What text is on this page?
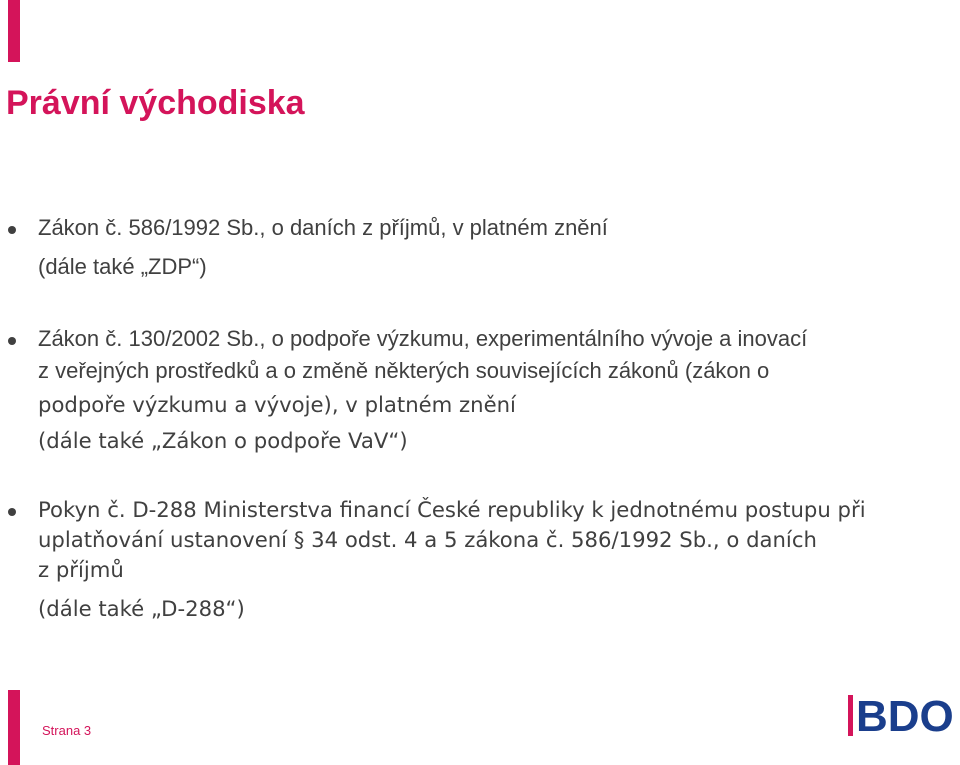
Právní východiska

Zákon č. 586/1992 Sb., o daních z příjmů, v platném znění

(dále také „ZDP“)

Zákon č. 130/2002 Sb., o podpoře výzkumu, experimentálního vývoje a inovací

z veřejných prostředků a o změně některých souvisejících zákonů (zákon o

podpoře výzkumu a vývoje), v platném znění

(dále také „Zákon o podpoře VaV“)

Pokyn č. D-288 Ministerstva financí České republiky k jednotnému postupu při

uplatňování ustanovení § 34 odst. 4 a 5 zákona č. 586/1992 Sb., o daních

z příjmů

(dále také „D-288“)

Strana 3	BDO
